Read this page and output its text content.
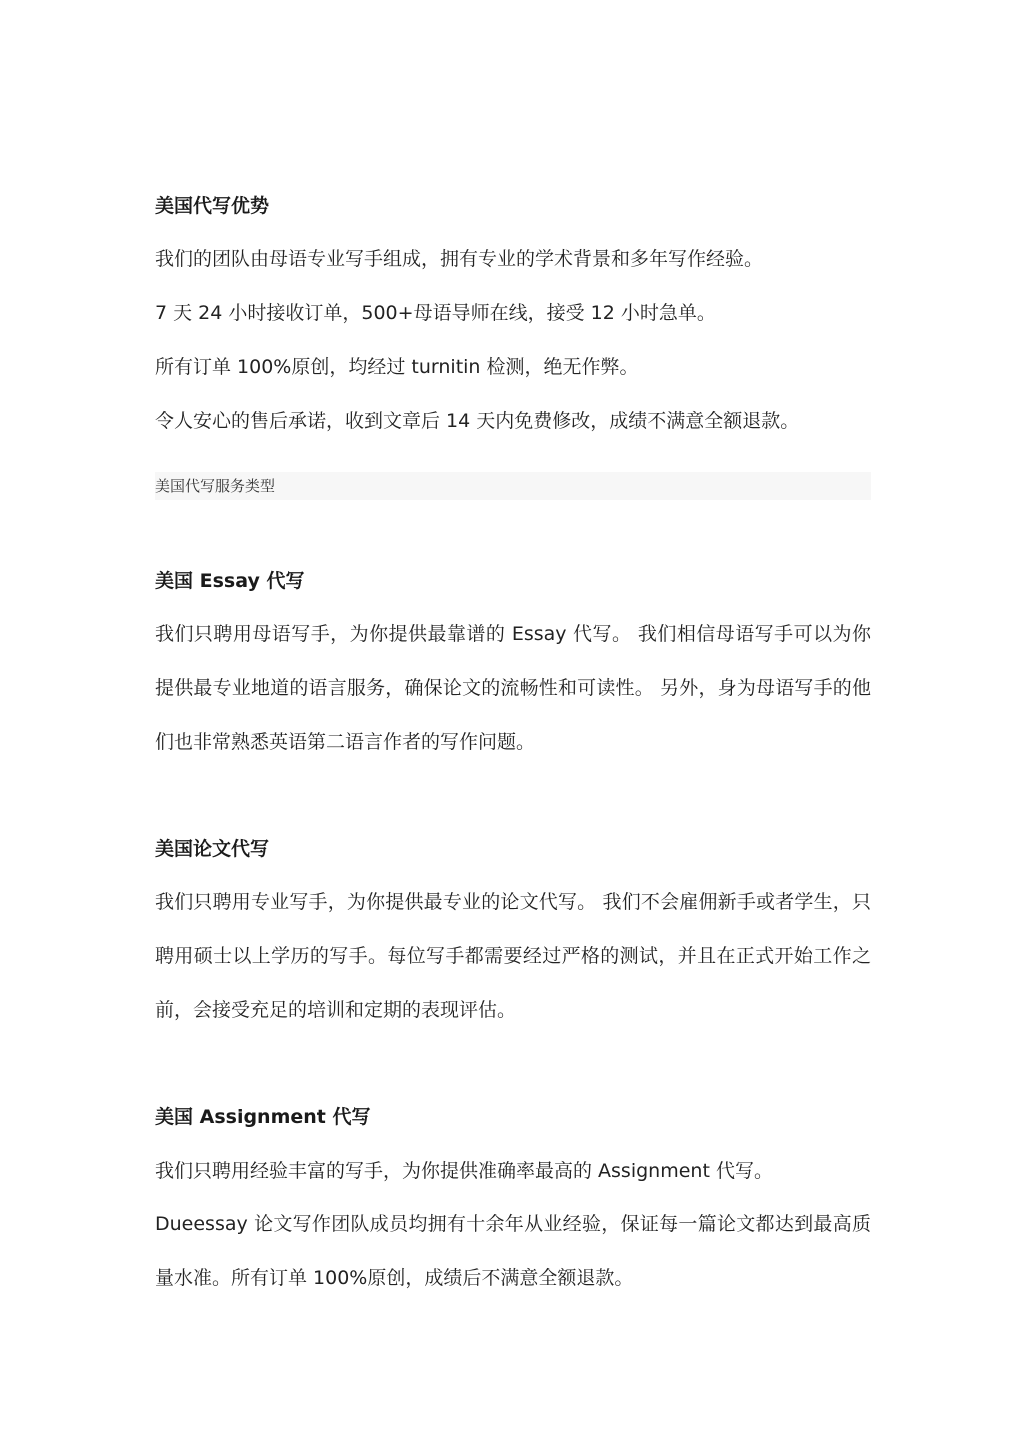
美国代写优势
我们的团队由母语专业写手组成，拥有专业的学术背景和多年写作经验。
7 天 24 小时接收订单，500+母语导师在线，接受 12 小时急单。
所有订单 100%原创，均经过 turnitin 检测，绝无作弊。
令人安心的售后承诺，收到文章后 14 天内免费修改，成绩不满意全额退款。
美国代写服务类型
美国 Essay 代写
我们只聘用母语写手，为你提供最靠谱的 Essay 代写。 我们相信母语写手可以为你提供最专业地道的语言服务，确保论文的流畅性和可读性。 另外，身为母语写手的他们也非常熟悉英语第二语言作者的写作问题。
美国论文代写
我们只聘用专业写手，为你提供最专业的论文代写。 我们不会雇佣新手或者学生，只聘用硕士以上学历的写手。每位写手都需要经过严格的测试，并且在正式开始工作之前，会接受充足的培训和定期的表现评估。
美国 Assignment 代写
我们只聘用经验丰富的写手，为你提供准确率最高的 Assignment 代写。
Dueessay 论文写作团队成员均拥有十余年从业经验，保证每一篇论文都达到最高质量水准。所有订单 100%原创，成绩后不满意全额退款。
